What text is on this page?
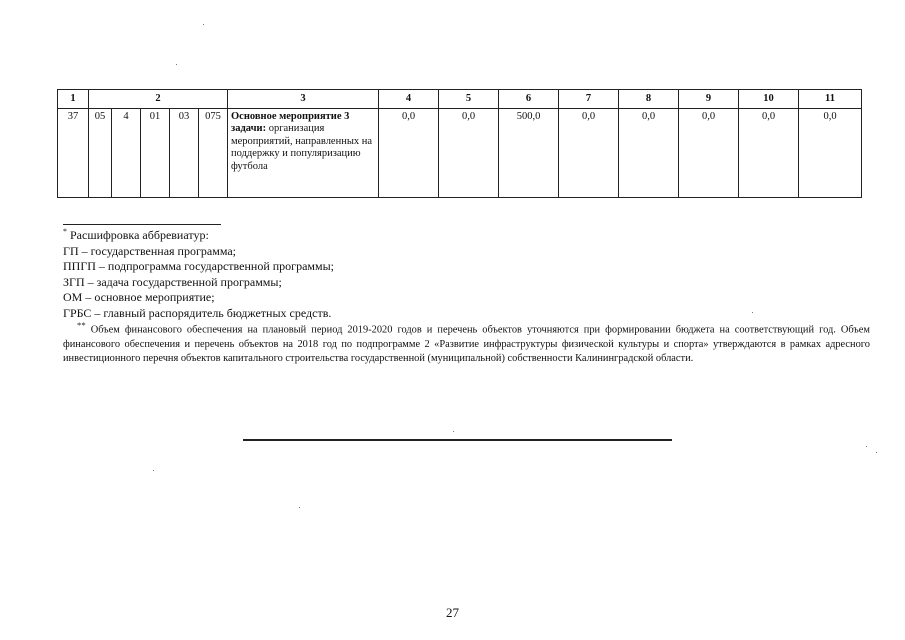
1	2					3	4	5	6	7	8	9	10	11
37	05	4	01	03	075	Основное мероприятие 3 задачи: организация мероприятий, направленных на поддержку и популяризацию футбола	0,0	0,0	500,0	0,0	0,0	0,0	0,0	0,0
* Расшифровка аббревиатур:
ГП – государственная программа;
ППГП – подпрограмма государственной программы;
ЗГП – задача государственной программы;
ОМ – основное мероприятие;
ГРБС – главный распорядитель бюджетных средств.
** Объем финансового обеспечения на плановый период 2019-2020 годов и перечень объектов уточняются при формировании бюджета на соответствующий год. Объем финансового обеспечения и перечень объектов на 2018 год по подпрограмме 2 «Развитие инфраструктуры физической культуры и спорта» утверждаются в рамках адресного инвестиционного перечня объектов капитального строительства государственной (муниципальной) собственности Калининградской области.
27
